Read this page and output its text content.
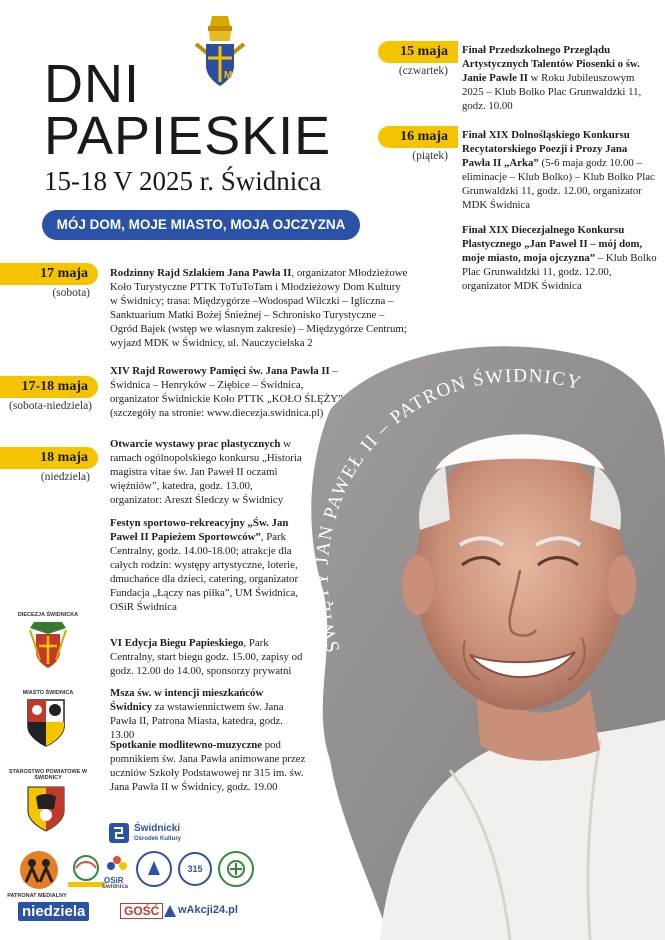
ŚWIĘTY JAN PAWEŁ II – PATRON ŚWIDNICY
M
DNI
PAPIESKIE
15-18 V 2025 r. Świdnica
MÓJ DOM, MOJE MIASTO, MOJA OJCZYZNA
15 maja
(czwartek)
Finał Przedszkolnego Przeglądu Artystycznych Talentów Piosenki o św. Janie Pawle II w Roku Jubileuszowym 2025 – Klub Bolko Plac Grunwaldzki 11, godz. 10.00
16 maja
(piątek)
Finał XIX Dolnośląskiego Konkursu Recytatorskiego Poezji i Prozy Jana Pawła II „Arka” (5-6 maja godz 10.00 – eliminacje – Klub Bolko) – Klub Bolko Plac Grunwaldzki 11, godz. 12.00, organizator MDK Świdnica
Finał XIX Diecezjalnego Konkursu Plastycznego „Jan Paweł II – mój dom, moje miasto, moja ojczyzna” – Klub Bolko Plac Grunwaldzki 11, godz. 12.00, organizator MDK Świdnica
17 maja
(sobota)
Rodzinny Rajd Szlakiem Jana Pawła II, organizator Młodzieżowe Koło Turystyczne PTTK ToTuToTam i Młodzieżowy Dom Kultury w Świdnicy; trasa: Międzygórze –Wodospad Wilczki – Igliczna – Sanktuarium Matki Bożej Śnieżnej – Schronisko Turystyczne – Ogród Bajek (wstęp we własnym zakresie) – Międzygórze Centrum; wyjazd MDK w Świdnicy, ul. Nauczycielska 2
17-18 maja
(sobota-niedziela)
XIV Rajd Rowerowy Pamięci św. Jana Pawła II – Świdnica – Henryków – Ziębice – Świdnica, organizator Świdnickie Koło PTTK „KOŁO ŚLĘŻY” (szczegóły na stronie: www.diecezja.swidnica.pl)
18 maja
(niedziela)
Otwarcie wystawy prac plastycznych w ramach ogólnopolskiego konkursu „Historia magistra vitae św. Jan Paweł II oczami więźniów”, katedra, godz. 13.00, organizator: Areszt Śledczy w Świdnicy
Festyn sportowo-rekreacyjny „Św. Jan Paweł II Papieżem Sportowców”, Park Centralny, godz. 14.00-18.00; atrakcje dla całych rodzin: występy artystyczne, loterie, dmuchańce dla dzieci, catering, organizator Fundacja „Łączy nas piłka”, UM Świdnica, OSiR Świdnica
VI Edycja Biegu Papieskiego, Park Centralny, start biegu godz. 15.00, zapisy od godz. 12.00 do 14.00, sponsorzy prywatni
Msza św. w intencji mieszkańców Świdnicy za wstawiennictwem św. Jana Pawła II, Patrona Miasta, katedra, godz. 13.00
Spotkanie modlitewno-muzyczne pod pomnikiem św. Jana Pawła animowane przez uczniów Szkoły Podstawowej nr 315 im. św. Jana Pawła II w Świdnicy, godz. 19.00
DIECEZJA ŚWIDNICKA
MIASTO ŚWIDNICA
STAROSTWO POWIATOWE W ŚWIDNICY
Świdnicki
Ośrodek Kultury
OSiR
Świdnica
315
PATRONAT MEDIALNY
niedziela	GOŚĆ	wAkcji24.pl
